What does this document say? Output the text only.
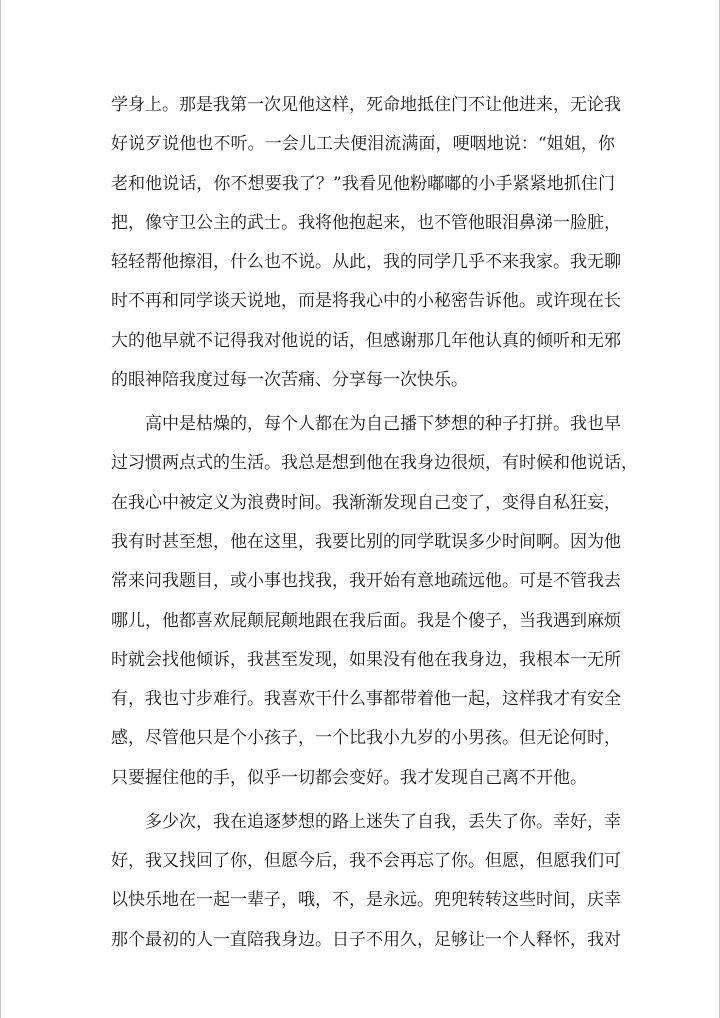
学身上。那是我第一次见他这样，死命地抵住门不让他进来，无论我
好说歹说他也不听。一会儿工夫便泪流满面，哽咽地说：“姐姐，你
老和他说话，你不想要我了？”我看见他粉嘟嘟的小手紧紧地抓住门
把，像守卫公主的武士。我将他抱起来，也不管他眼泪鼻涕一脸脏，
轻轻帮他擦泪，什么也不说。从此，我的同学几乎不来我家。我无聊
时不再和同学谈天说地，而是将我心中的小秘密告诉他。或许现在长
大的他早就不记得我对他说的话，但感谢那几年他认真的倾听和无邪
的眼神陪我度过每一次苦痛、分享每一次快乐。
高中是枯燥的，每个人都在为自己播下梦想的种子打拼。我也早
过习惯两点式的生活。我总是想到他在我身边很烦，有时候和他说话，
在我心中被定义为浪费时间。我渐渐发现自己变了，变得自私狂妄，
我有时甚至想，他在这里，我要比别的同学耽误多少时间啊。因为他
常来问我题目，或小事也找我，我开始有意地疏远他。可是不管我去
哪儿，他都喜欢屁颠屁颠地跟在我后面。我是个傻子，当我遇到麻烦
时就会找他倾诉，我甚至发现，如果没有他在我身边，我根本一无所
有，我也寸步难行。我喜欢干什么事都带着他一起，这样我才有安全
感，尽管他只是个小孩子，一个比我小九岁的小男孩。但无论何时，
只要握住他的手，似乎一切都会变好。我才发现自己离不开他。
多少次，我在追逐梦想的路上迷失了自我，丢失了你。幸好，幸
好，我又找回了你，但愿今后，我不会再忘了你。但愿，但愿我们可
以快乐地在一起一辈子，哦，不，是永远。兜兜转转这些时间，庆幸
那个最初的人一直陪我身边。日子不用久，足够让一个人释怀，我对
